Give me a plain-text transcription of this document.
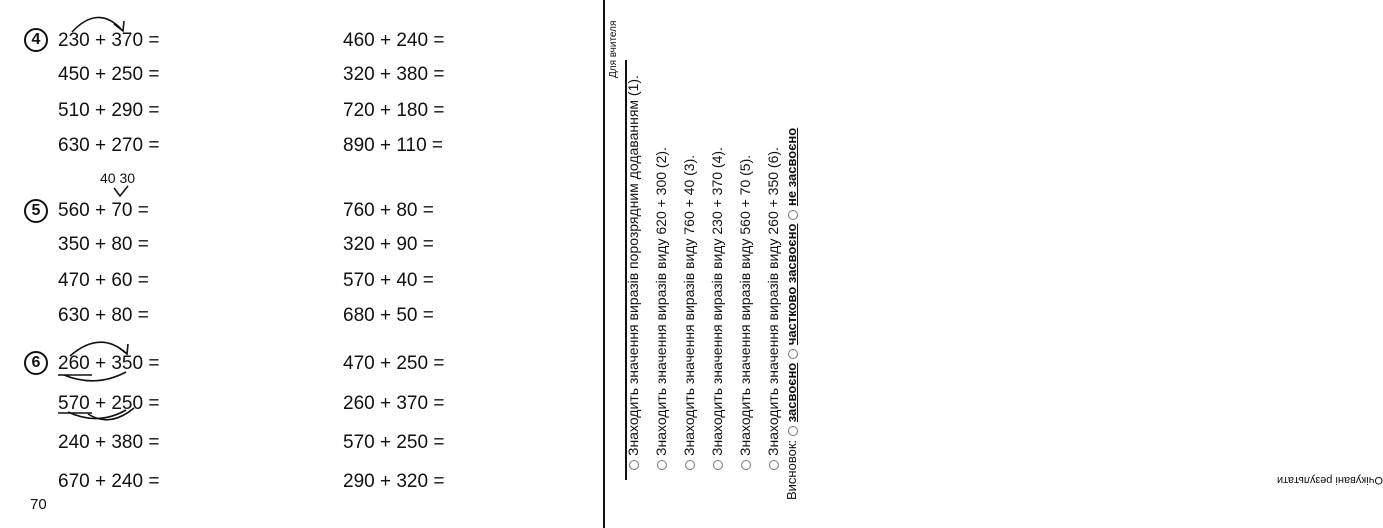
4
5
6
230 + 370 =
450 + 250 =
510 + 290 =
630 + 270 =
40 30
560 + 70 =
350 + 80 =
470 + 60 =
630 + 80 =
260 + 350 =
570 + 250 =
240 + 380 =
670 + 240 =
460 + 240 =
320 + 380 =
720 + 180 =
890 + 110 =
760 + 80 =
320 + 90 =
570 + 40 =
680 + 50 =
470 + 250 =
260 + 370 =
570 + 250 =
290 + 320 =
70
Для вчителя
Очікувані результати
Знаходить значення виразів порозрядним додаванням (1). Знаходить значення виразів виду 620 + 300 (2). Знаходить значення виразів виду 760 + 40 (3). Знаходить значення виразів виду 230 + 370 (4). Знаходить значення виразів виду 560 + 70 (5). Знаходить значення виразів виду 260 + 350 (6).
Висновок: засвоєно частково засвоєно не засвоєно
